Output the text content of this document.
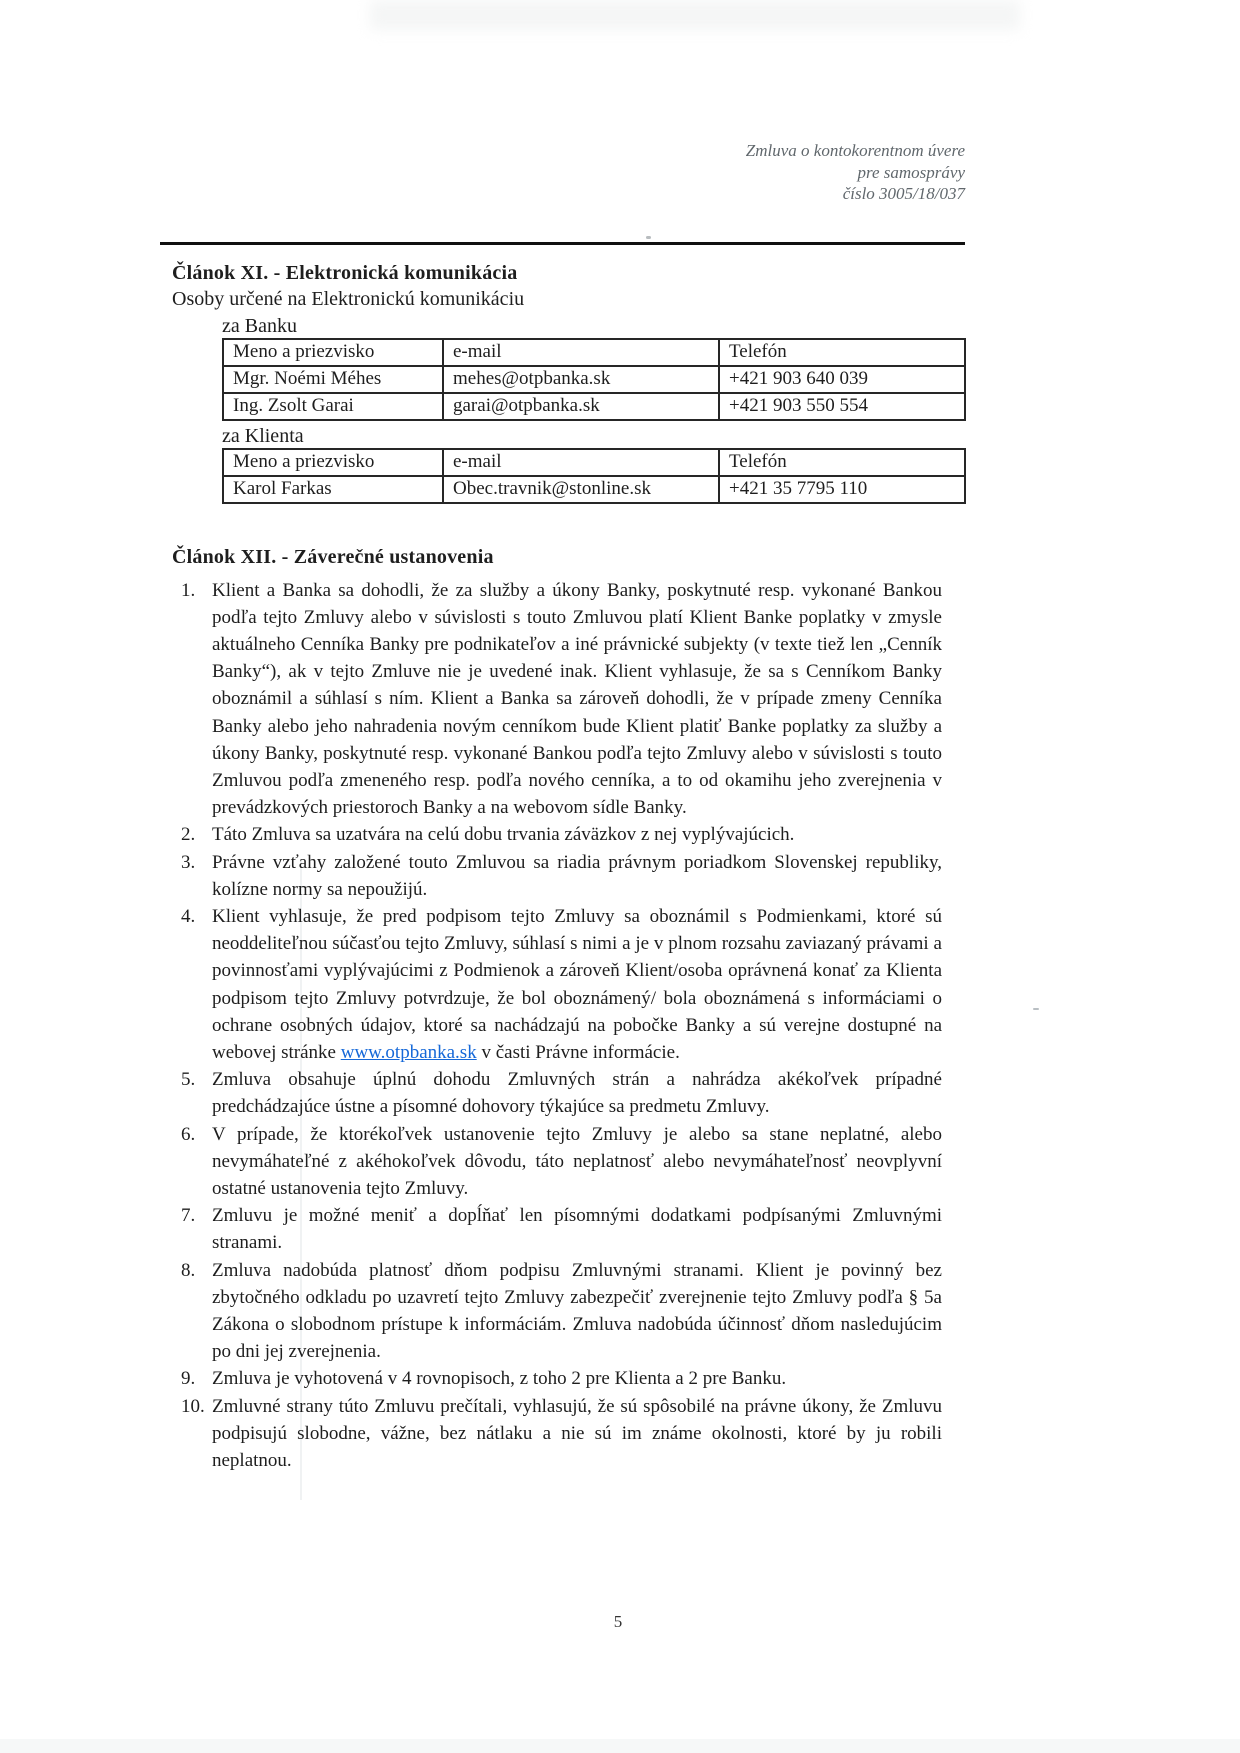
Zmluva o kontokorentnom úvere
pre samosprávy
číslo 3005/18/037
Článok XI. - Elektronická komunikácia
Osoby určené na Elektronickú komunikáciu
za Banku
Meno a priezvisko	e-mail	Telefón
Mgr. Noémi Méhes	mehes@otpbanka.sk	+421 903 640 039
Ing. Zsolt Garai	garai@otpbanka.sk	+421 903 550 554
za Klienta
Meno a priezvisko	e-mail	Telefón
Karol Farkas	Obec.travnik@stonline.sk	+421 35 7795 110
Článok XII. - Záverečné ustanovenia
1. Klient a Banka sa dohodli, že za služby a úkony Banky, poskytnuté resp. vykonané Bankou podľa tejto Zmluvy alebo v súvislosti s touto Zmluvou platí Klient Banke poplatky v zmysle aktuálneho Cenníka Banky pre podnikateľov a iné právnické subjekty (v texte tiež len „Cenník Banky“), ak v tejto Zmluve nie je uvedené inak. Klient vyhlasuje, že sa s Cenníkom Banky oboznámil a súhlasí s ním. Klient a Banka sa zároveň dohodli, že v prípade zmeny Cenníka Banky alebo jeho nahradenia novým cenníkom bude Klient platiť Banke poplatky za služby a úkony Banky, poskytnuté resp. vykonané Bankou podľa tejto Zmluvy alebo v súvislosti s touto Zmluvou podľa zmeneného resp. podľa nového cenníka, a to od okamihu jeho zverejnenia v prevádzkových priestoroch Banky a na webovom sídle Banky.

2. Táto Zmluva sa uzatvára na celú dobu trvania záväzkov z nej vyplývajúcich.

3. Právne vzťahy založené touto Zmluvou sa riadia právnym poriadkom Slovenskej republiky, kolízne normy sa nepoužijú.

4. Klient vyhlasuje, že pred podpisom tejto Zmluvy sa oboznámil s Podmienkami, ktoré sú neoddeliteľnou súčasťou tejto Zmluvy, súhlasí s nimi a je v plnom rozsahu zaviazaný právami a povinnosťami vyplývajúcimi z Podmienok a zároveň Klient/osoba oprávnená konať za Klienta podpisom tejto Zmluvy potvrdzuje, že bol oboznámený/ bola oboznámená s informáciami o ochrane osobných údajov, ktoré sa nachádzajú na pobočke Banky a sú verejne dostupné na webovej stránke www.otpbanka.sk v časti Právne informácie.

5. Zmluva obsahuje úplnú dohodu Zmluvných strán a nahrádza akékoľvek prípadné predchádzajúce ústne a písomné dohovory týkajúce sa predmetu Zmluvy.

6. V prípade, že ktorékoľvek ustanovenie tejto Zmluvy je alebo sa stane neplatné, alebo nevymáhateľné z akéhokoľvek dôvodu, táto neplatnosť alebo nevymáhateľnosť neovplyvní ostatné ustanovenia tejto Zmluvy.

7. Zmluvu je možné meniť a dopĺňať len písomnými dodatkami podpísanými Zmluvnými stranami.

8. Zmluva nadobúda platnosť dňom podpisu Zmluvnými stranami. Klient je povinný bez zbytočného odkladu po uzavretí tejto Zmluvy zabezpečiť zverejnenie tejto Zmluvy podľa § 5a Zákona o slobodnom prístupe k informáciám. Zmluva nadobúda účinnosť dňom nasledujúcim po dni jej zverejnenia.

9. Zmluva je vyhotovená v 4 rovnopisoch, z toho 2 pre Klienta a 2 pre Banku.

10. Zmluvné strany túto Zmluvu prečítali, vyhlasujú, že sú spôsobilé na právne úkony, že Zmluvu podpisujú slobodne, vážne, bez nátlaku a nie sú im známe okolnosti, ktoré by ju robili neplatnou.

5
